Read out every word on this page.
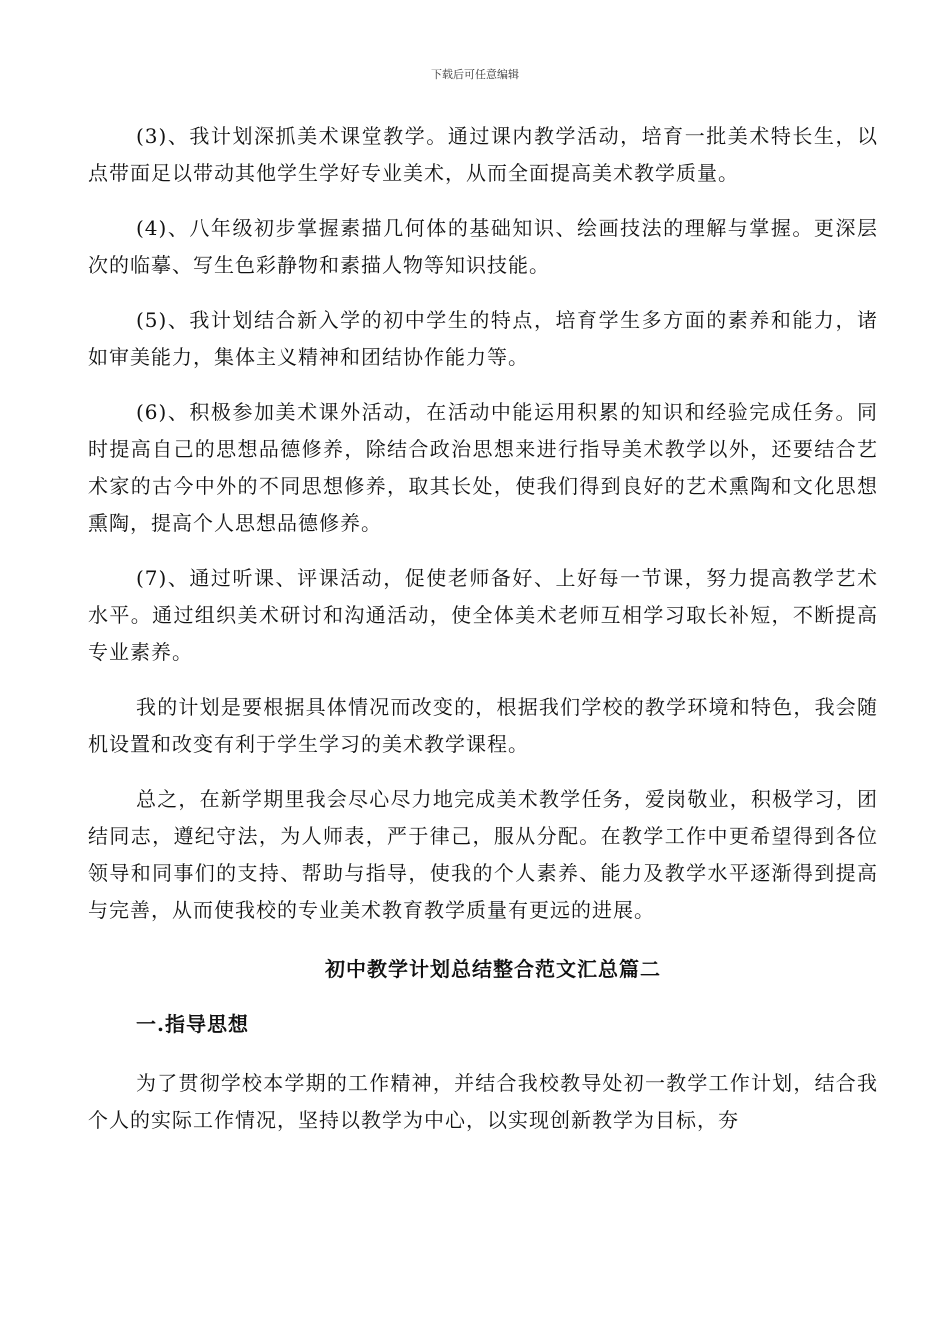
下载后可任意编辑

(3)、我计划深抓美术课堂教学。通过课内教学活动，培育一批美术特长生，以点带面足以带动其他学生学好专业美术，从而全面提高美术教学质量。

(4)、八年级初步掌握素描几何体的基础知识、绘画技法的理解与掌握。更深层次的临摹、写生色彩静物和素描人物等知识技能。

(5)、我计划结合新入学的初中学生的特点，培育学生多方面的素养和能力，诸如审美能力，集体主义精神和团结协作能力等。

(6)、积极参加美术课外活动，在活动中能运用积累的知识和经验完成任务。同时提高自己的思想品德修养，除结合政治思想来进行指导美术教学以外，还要结合艺术家的古今中外的不同思想修养，取其长处，使我们得到良好的艺术熏陶和文化思想熏陶，提高个人思想品德修养。

(7)、通过听课、评课活动，促使老师备好、上好每一节课，努力提高教学艺术水平。通过组织美术研讨和沟通活动，使全体美术老师互相学习取长补短，不断提高专业素养。

我的计划是要根据具体情况而改变的，根据我们学校的教学环境和特色，我会随机设置和改变有利于学生学习的美术教学课程。

总之，在新学期里我会尽心尽力地完成美术教学任务，爱岗敬业，积极学习，团结同志，遵纪守法，为人师表，严于律己，服从分配。在教学工作中更希望得到各位领导和同事们的支持、帮助与指导，使我的个人素养、能力及教学水平逐渐得到提高与完善，从而使我校的专业美术教育教学质量有更远的进展。

初中教学计划总结整合范文汇总篇二
一.指导思想

为了贯彻学校本学期的工作精神，并结合我校教导处初一教学工作计划，结合我个人的实际工作情况，坚持以教学为中心，以实现创新教学为目标，夯
